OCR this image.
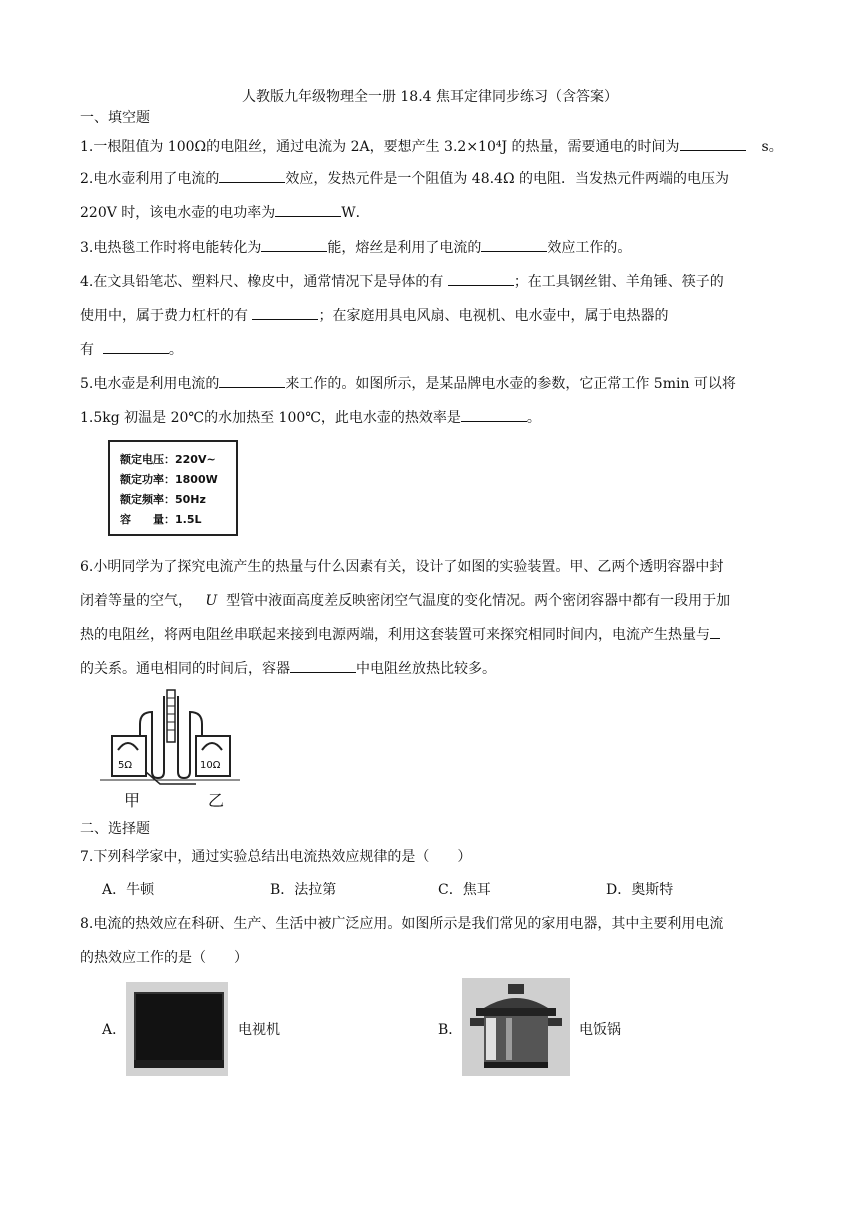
人教版九年级物理全一册 18.4 焦耳定律同步练习（含答案）
一、填空题
1.一根阻值为 100Ω的电阻丝，通过电流为 2A，要想产生 3.2×10⁴J 的热量，需要通电的时间为	s。
2.电水壶利用了电流的	效应，发热元件是一个阻值为 48.4Ω 的电阻．当发热元件两端的电压为
220V 时，该电水壶的电功率为	W．
3.电热毯工作时将电能转化为	能，熔丝是利用了电流的	效应工作的。
4.在文具铅笔芯、塑料尺、橡皮中，通常情况下是导体的有	；在工具钢丝钳、羊角锤、筷子的
使用中，属于费力杠杆的有	；在家庭用具电风扇、电视机、电水壶中，属于电热器的
有	。
5.电水壶是利用电流的	来工作的。如图所示，是某品牌电水壶的参数，它正常工作 5min 可以将
1.5kg 初温是 20℃的水加热至 100℃，此电水壶的热效率是	。
额定电压：220V~
额定功率：1800W
额定频率：50Hz
容　　量：1.5L
6.小明同学为了探究电流产生的热量与什么因素有关，设计了如图的实验装置。甲、乙两个透明容器中封
闭着等量的空气， U 型管中液面高度差反映密闭空气温度的变化情况。两个密闭容器中都有一段用于加
热的电阻丝，将两电阻丝串联起来接到电源两端，利用这套装置可来探究相同时间内，电流产生热量与
的关系。通电相同的时间后，容器	中电阻丝放热比较多。
5Ω	10Ω
甲	乙
二、选择题
7.下列科学家中，通过实验总结出电流热效应规律的是（　　）
A．牛顿	B．法拉第	C．焦耳	D．奥斯特
8.电流的热效应在科研、生产、生活中被广泛应用。如图所示是我们常见的家用电器，其中主要利用电流
的热效应工作的是（　　）
A．	电视机	B．	电饭锅
